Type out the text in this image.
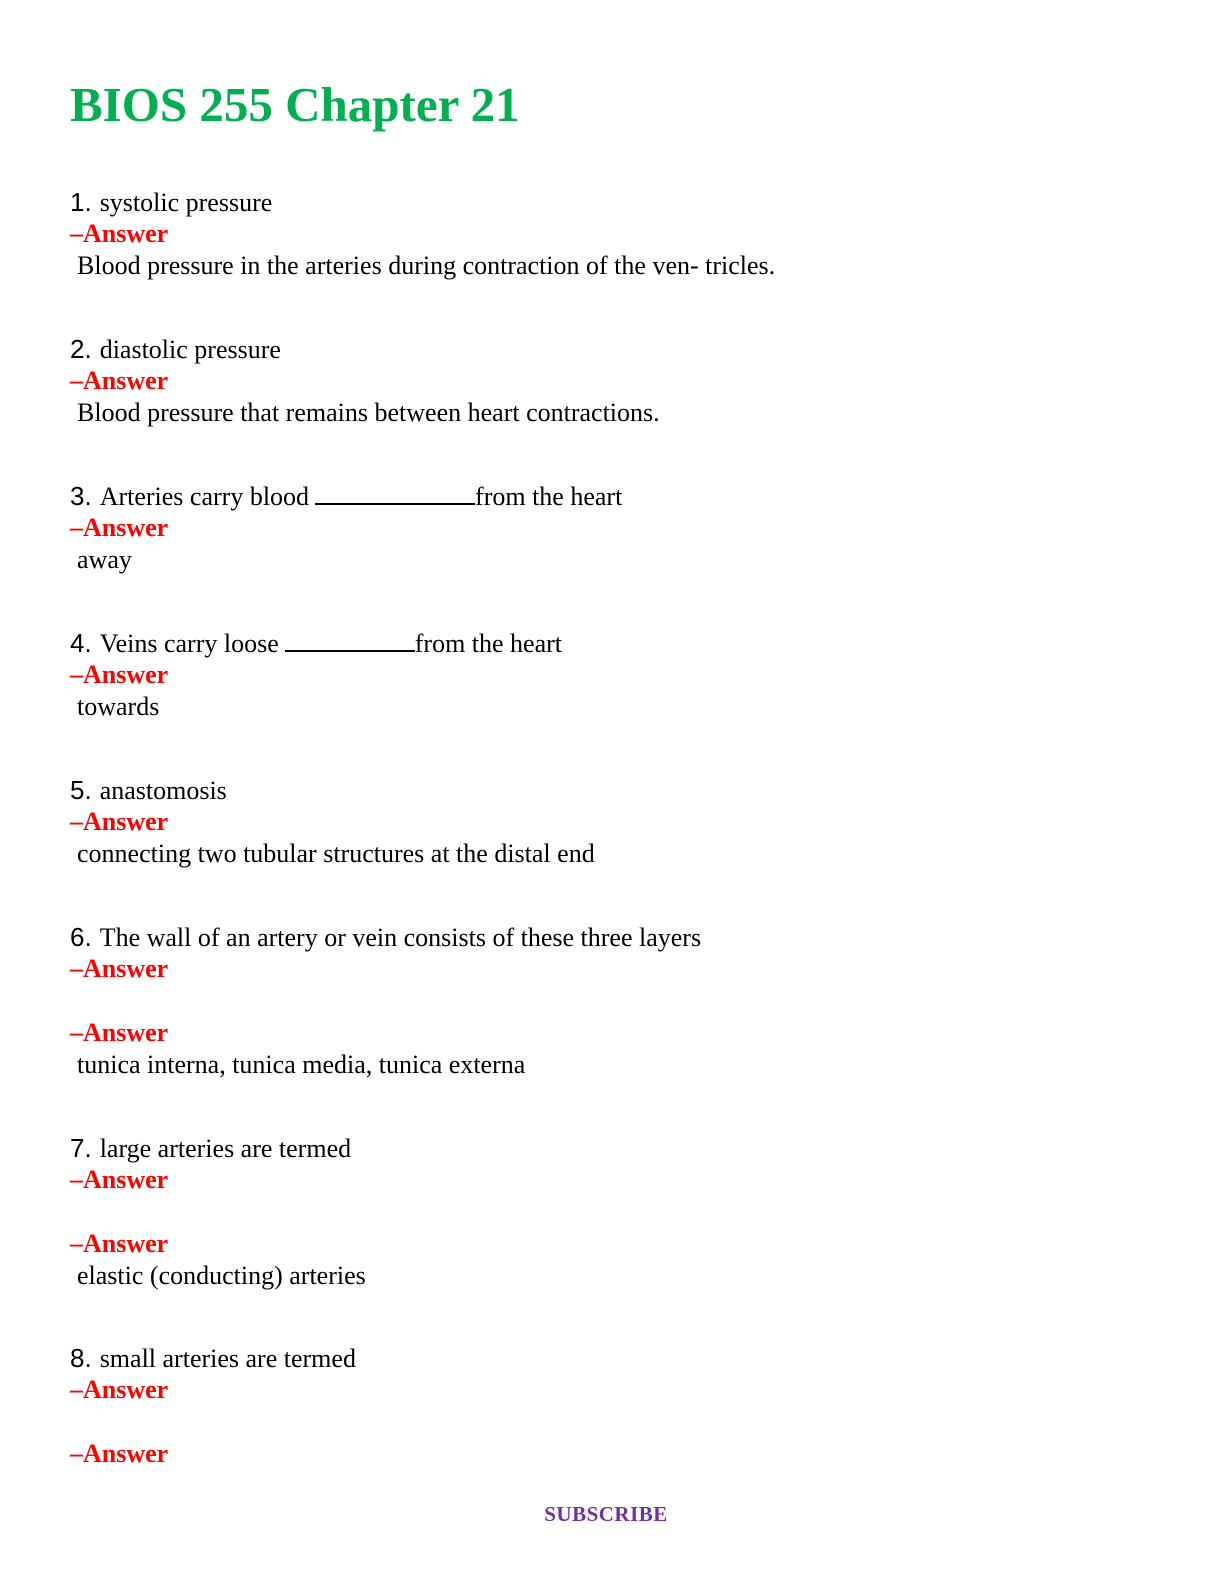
BIOS 255 Chapter 21
1. systolic pressure
–Answer
Blood pressure in the arteries during contraction of the ven- tricles.
2. diastolic pressure
–Answer
Blood pressure that remains between heart contractions.
3. Arteries carry blood	from the heart
–Answer
away
4. Veins carry loose	from the heart
–Answer
towards
5. anastomosis
–Answer
connecting two tubular structures at the distal end
6. The wall of an artery or vein consists of these three layers
–Answer
–Answer
tunica interna, tunica media, tunica externa
7. large arteries are termed
–Answer
–Answer
elastic (conducting) arteries
8. small arteries are termed
–Answer
–Answer
SUBSCRIBE
